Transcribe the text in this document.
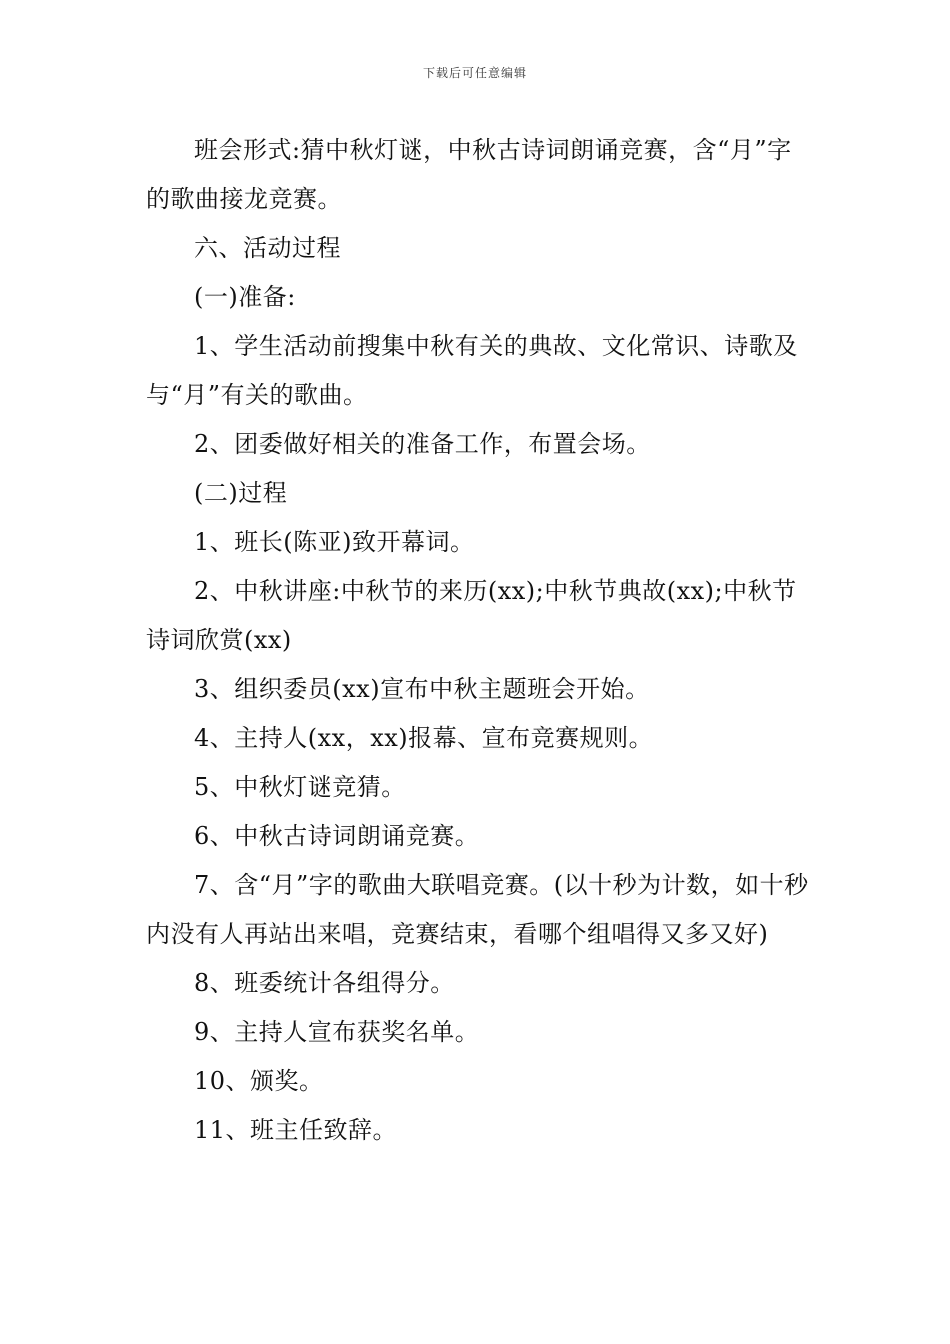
下载后可任意编辑

班会形式:猜中秋灯谜，中秋古诗词朗诵竞赛，含“月”字的歌曲接龙竞赛。

六、活动过程

(一)准备:

1、学生活动前搜集中秋有关的典故、文化常识、诗歌及与“月”有关的歌曲。

2、团委做好相关的准备工作，布置会场。

(二)过程

1、班长(陈亚)致开幕词。

2、中秋讲座:中秋节的来历(xx);中秋节典故(xx);中秋节诗词欣赏(xx)

3、组织委员(xx)宣布中秋主题班会开始。

4、主持人(xx，xx)报幕、宣布竞赛规则。

5、中秋灯谜竞猜。

6、中秋古诗词朗诵竞赛。

7、含“月”字的歌曲大联唱竞赛。(以十秒为计数，如十秒内没有人再站出来唱，竞赛结束，看哪个组唱得又多又好)

8、班委统计各组得分。

9、主持人宣布获奖名单。

10、颁奖。

11、班主任致辞。
